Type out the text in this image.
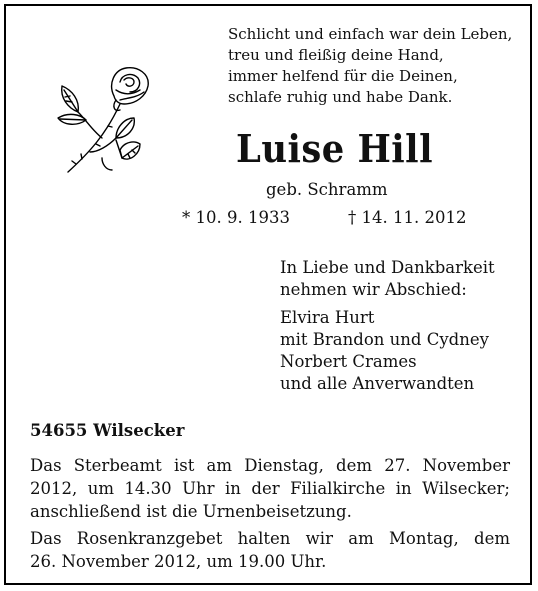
Schlicht und einfach war dein Leben,
treu und fleißig deine Hand,
immer helfend für die Deinen,
schlafe ruhig und habe Dank.
Luise Hill
geb. Schramm
* 10. 9. 1933	† 14. 11. 2012
In Liebe und Dankbarkeit
nehmen wir Abschied:
Elvira Hurt
mit Brandon und Cydney
Norbert Crames
und alle Anverwandten
54655 Wilsecker
Das Sterbeamt ist am Dienstag, dem 27. November
2012, um 14.30 Uhr in der Filialkirche in Wilsecker;
anschließend ist die Urnenbeisetzung.
Das Rosenkranzgebet halten wir am Montag, dem
26. November 2012, um 19.00 Uhr.
